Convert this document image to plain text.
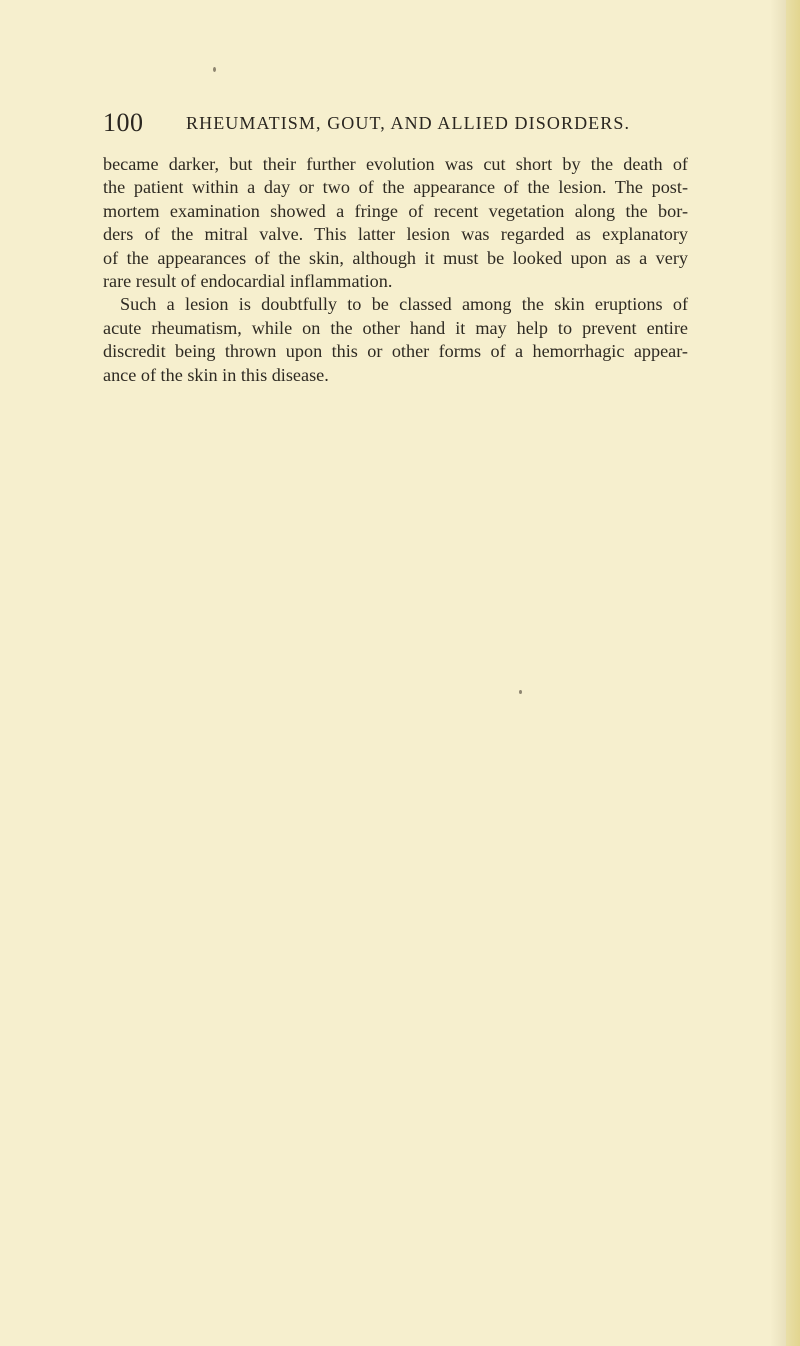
100 RHEUMATISM, GOUT, AND ALLIED DISORDERS.
became darker, but their further evolution was cut short by the death of
the patient within a day or two of the appearance of the lesion. The post-
mortem examination showed a fringe of recent vegetation along the bor-
ders of the mitral valve. This latter lesion was regarded as explanatory
of the appearances of the skin, although it must be looked upon as a very
rare result of endocardial inflammation.
Such a lesion is doubtfully to be classed among the skin eruptions of
acute rheumatism, while on the other hand it may help to prevent entire
discredit being thrown upon this or other forms of a hemorrhagic appear-
ance of the skin in this disease.
